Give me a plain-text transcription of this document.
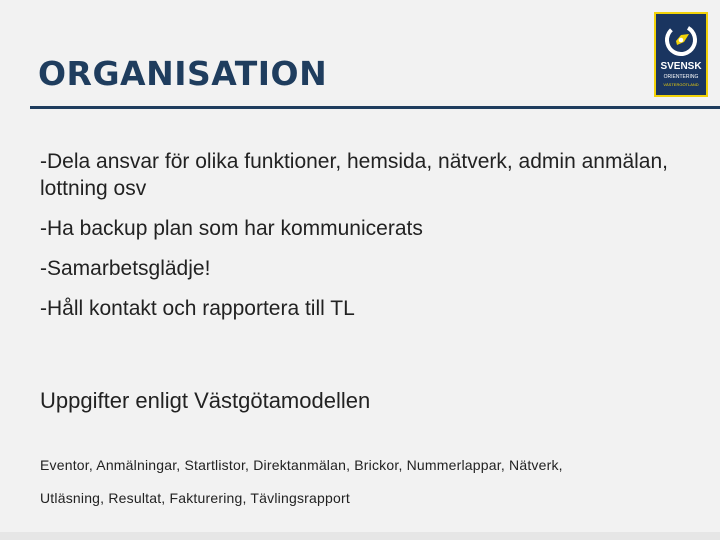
ORGANISATION	SVENSK
ORIENTERING
VÄSTERGÖTLAND
-Dela ansvar för olika funktioner, hemsida, nätverk, admin anmälan, lottning osv
-Ha backup plan som har kommunicerats
-Samarbetsglädje!
-Håll kontakt och rapportera till TL
Uppgifter enligt Västgötamodellen
Eventor, Anmälningar, Startlistor, Direktanmälan, Brickor, Nummerlappar, Nätverk,
Utläsning, Resultat, Fakturering, Tävlingsrapport
